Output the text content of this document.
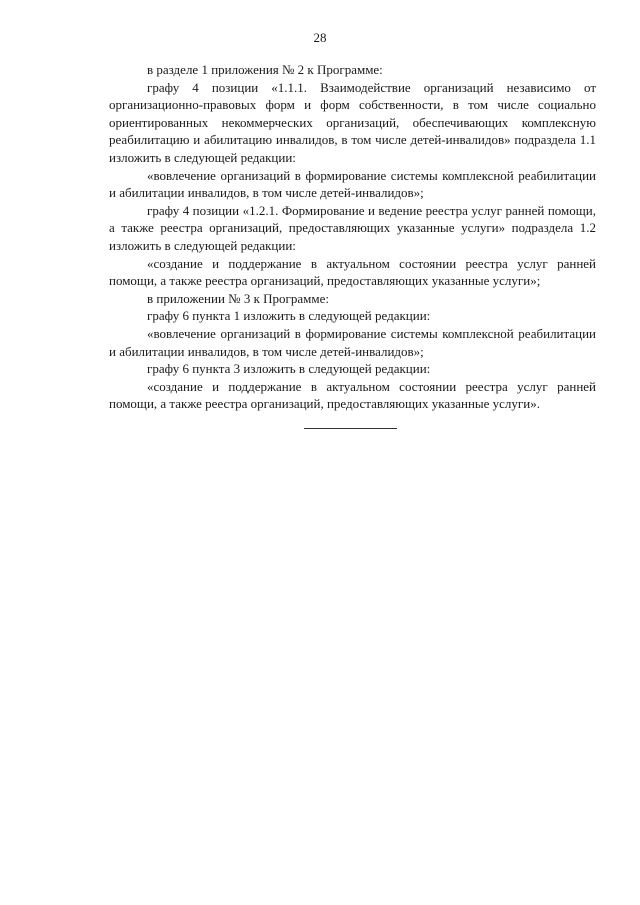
28

в разделе 1 приложения № 2 к Программе:

графу 4 позиции «1.1.1. Взаимодействие организаций независимо от организационно-правовых форм и форм собственности, в том числе социально ориентированных некоммерческих организаций, обеспечивающих комплексную реабилитацию и абилитацию инвалидов, в том числе детей-инвалидов» подраздела 1.1 изложить в следующей редакции:

«вовлечение организаций в формирование системы комплексной реабилитации и абилитации инвалидов, в том числе детей-инвалидов»;

графу 4 позиции «1.2.1. Формирование и ведение реестра услуг ранней помощи, а также реестра организаций, предоставляющих указанные услуги» подраздела 1.2 изложить в следующей редакции:

«создание и поддержание в актуальном состоянии реестра услуг ранней помощи, а также реестра организаций, предоставляющих указанные услуги»;

в приложении № 3 к Программе:

графу 6 пункта 1 изложить в следующей редакции:

«вовлечение организаций в формирование системы комплексной реабилитации и абилитации инвалидов, в том числе детей-инвалидов»;

графу 6 пункта 3 изложить в следующей редакции:

«создание и поддержание в актуальном состоянии реестра услуг ранней помощи, а также реестра организаций, предоставляющих указанные услуги».
